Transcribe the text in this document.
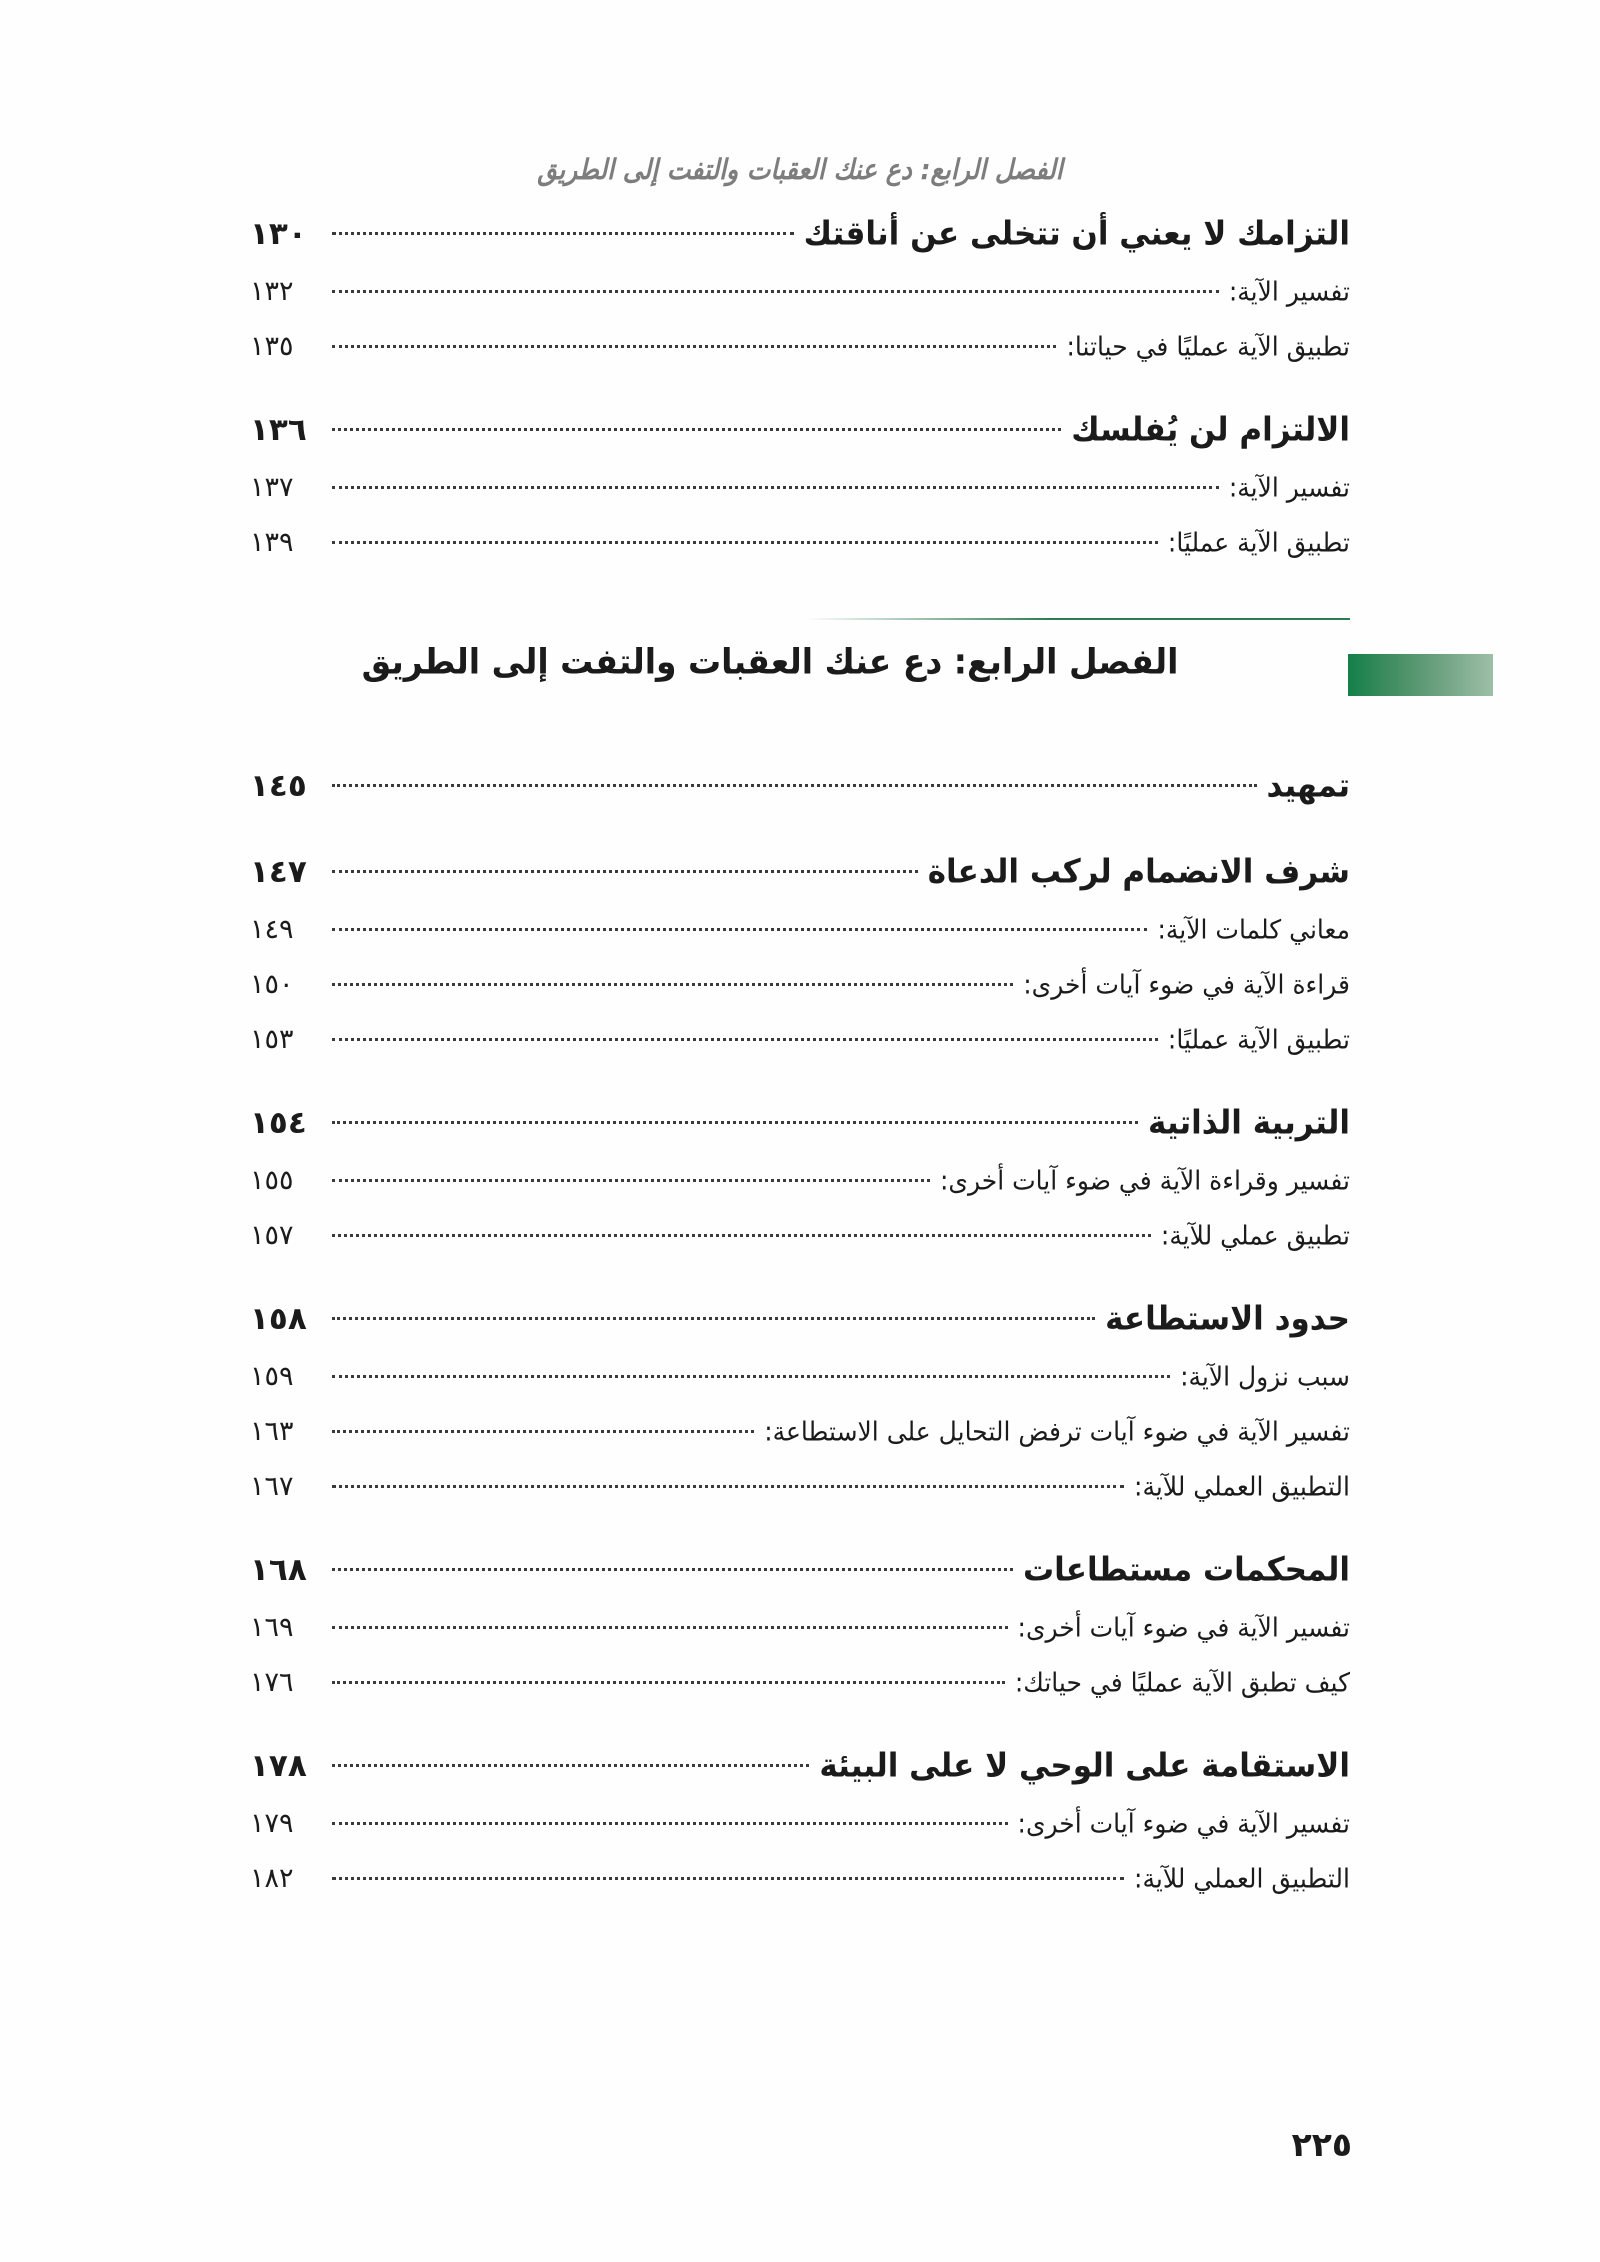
الفصل الرابع: دع عنك العقبات والتفت إلى الطريق
التزامك لا يعني أن تتخلى عن أناقتك
١٣٠
تفسير الآية:
١٣٢
تطبيق الآية عمليًا في حياتنا:
١٣٥
الالتزام لن يُفلسك
١٣٦
تفسير الآية:
١٣٧
تطبيق الآية عمليًا:
١٣٩
الفصل الرابع: دع عنك العقبات والتفت إلى الطريق
تمهيد
١٤٥
شرف الانضمام لركب الدعاة
١٤٧
معاني كلمات الآية:
١٤٩
قراءة الآية في ضوء آيات أخرى:
١٥٠
تطبيق الآية عمليًا:
١٥٣
التربية الذاتية
١٥٤
تفسير وقراءة الآية في ضوء آيات أخرى:
١٥٥
تطبيق عملي للآية:
١٥٧
حدود الاستطاعة
١٥٨
سبب نزول الآية:
١٥٩
تفسير الآية في ضوء آيات ترفض التحايل على الاستطاعة:
١٦٣
التطبيق العملي للآية:
١٦٧
المحكمات مستطاعات
١٦٨
تفسير الآية في ضوء آيات أخرى:
١٦٩
كيف تطبق الآية عمليًا في حياتك:
١٧٦
الاستقامة على الوحي لا على البيئة
١٧٨
تفسير الآية في ضوء آيات أخرى:
١٧٩
التطبيق العملي للآية:
١٨٢
٢٢٥
